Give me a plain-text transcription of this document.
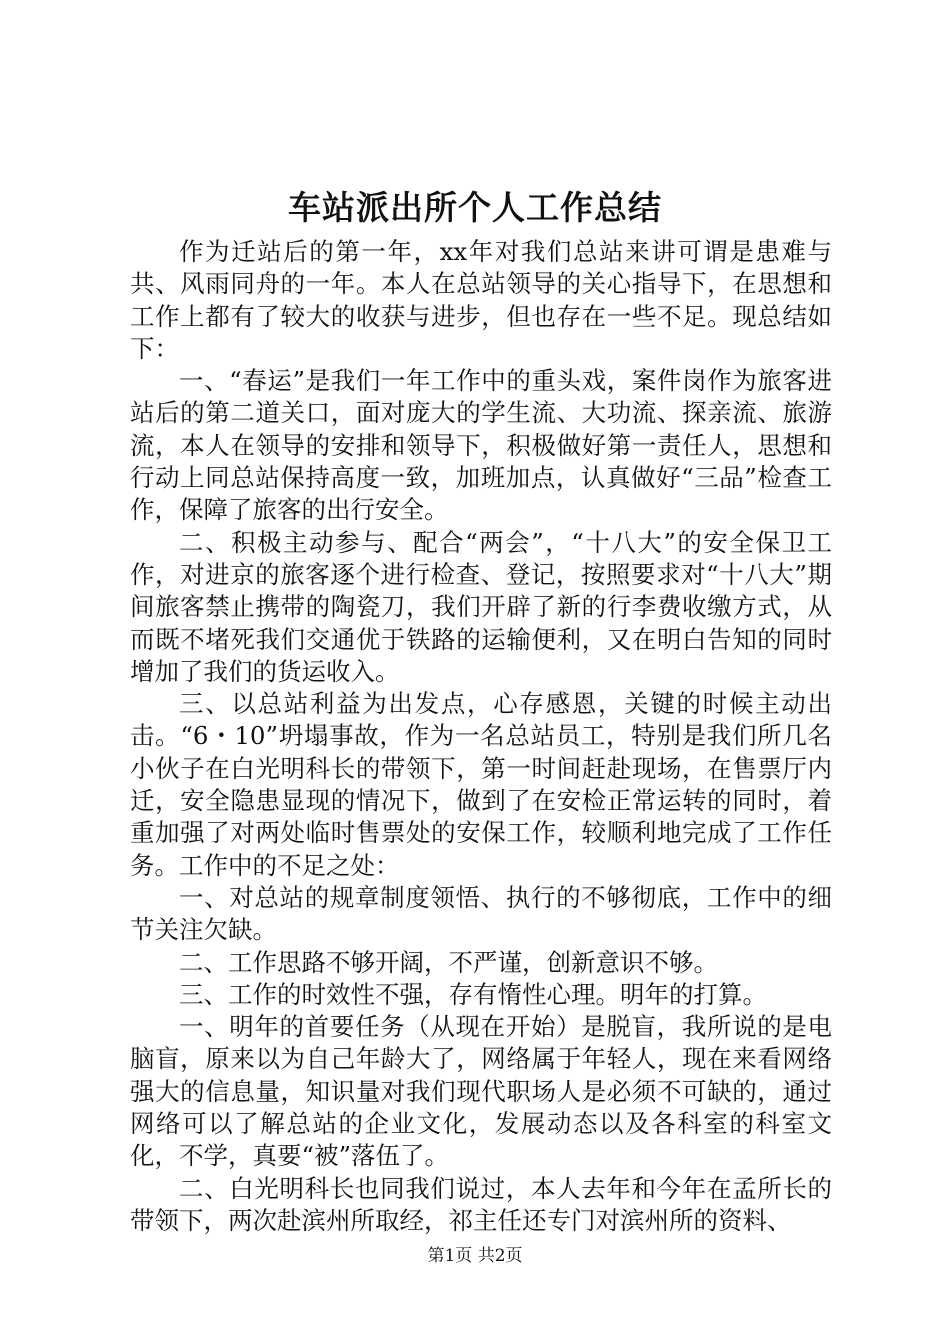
车站派出所个人工作总结

作为迁站后的第一年，xx年对我们总站来讲可谓是患难与共、风雨同舟的一年。本人在总站领导的关心指导下，在思想和工作上都有了较大的收获与进步，但也存在一些不足。现总结如下：

一、“春运”是我们一年工作中的重头戏，案件岗作为旅客进站后的第二道关口，面对庞大的学生流、大功流、探亲流、旅游流，本人在领导的安排和领导下，积极做好第一责任人，思想和行动上同总站保持高度一致，加班加点，认真做好“三品”检查工作，保障了旅客的出行安全。

二、积极主动参与、配合“两会”，“十八大”的安全保卫工作，对进京的旅客逐个进行检查、登记，按照要求对“十八大”期间旅客禁止携带的陶瓷刀，我们开辟了新的行李费收缴方式，从而既不堵死我们交通优于铁路的运输便利，又在明白告知的同时增加了我们的货运收入。

三、以总站利益为出发点，心存感恩，关键的时候主动出击。“6・10”坍塌事故，作为一名总站员工，特别是我们所几名小伙子在白光明科长的带领下，第一时间赶赴现场，在售票厅内迁，安全隐患显现的情况下，做到了在安检正常运转的同时，着重加强了对两处临时售票处的安保工作，较顺利地完成了工作任务。工作中的不足之处：

一、对总站的规章制度领悟、执行的不够彻底，工作中的细节关注欠缺。

二、工作思路不够开阔，不严谨，创新意识不够。

三、工作的时效性不强，存有惰性心理。明年的打算。

一、明年的首要任务（从现在开始）是脱盲，我所说的是电脑盲，原来以为自己年龄大了，网络属于年轻人，现在来看网络强大的信息量，知识量对我们现代职场人是必须不可缺的，通过网络可以了解总站的企业文化，发展动态以及各科室的科室文化，不学，真要“被”落伍了。

二、白光明科长也同我们说过，本人去年和今年在孟所长的带领下，两次赴滨州所取经，祁主任还专门对滨州所的资料、

第1页 共2页
